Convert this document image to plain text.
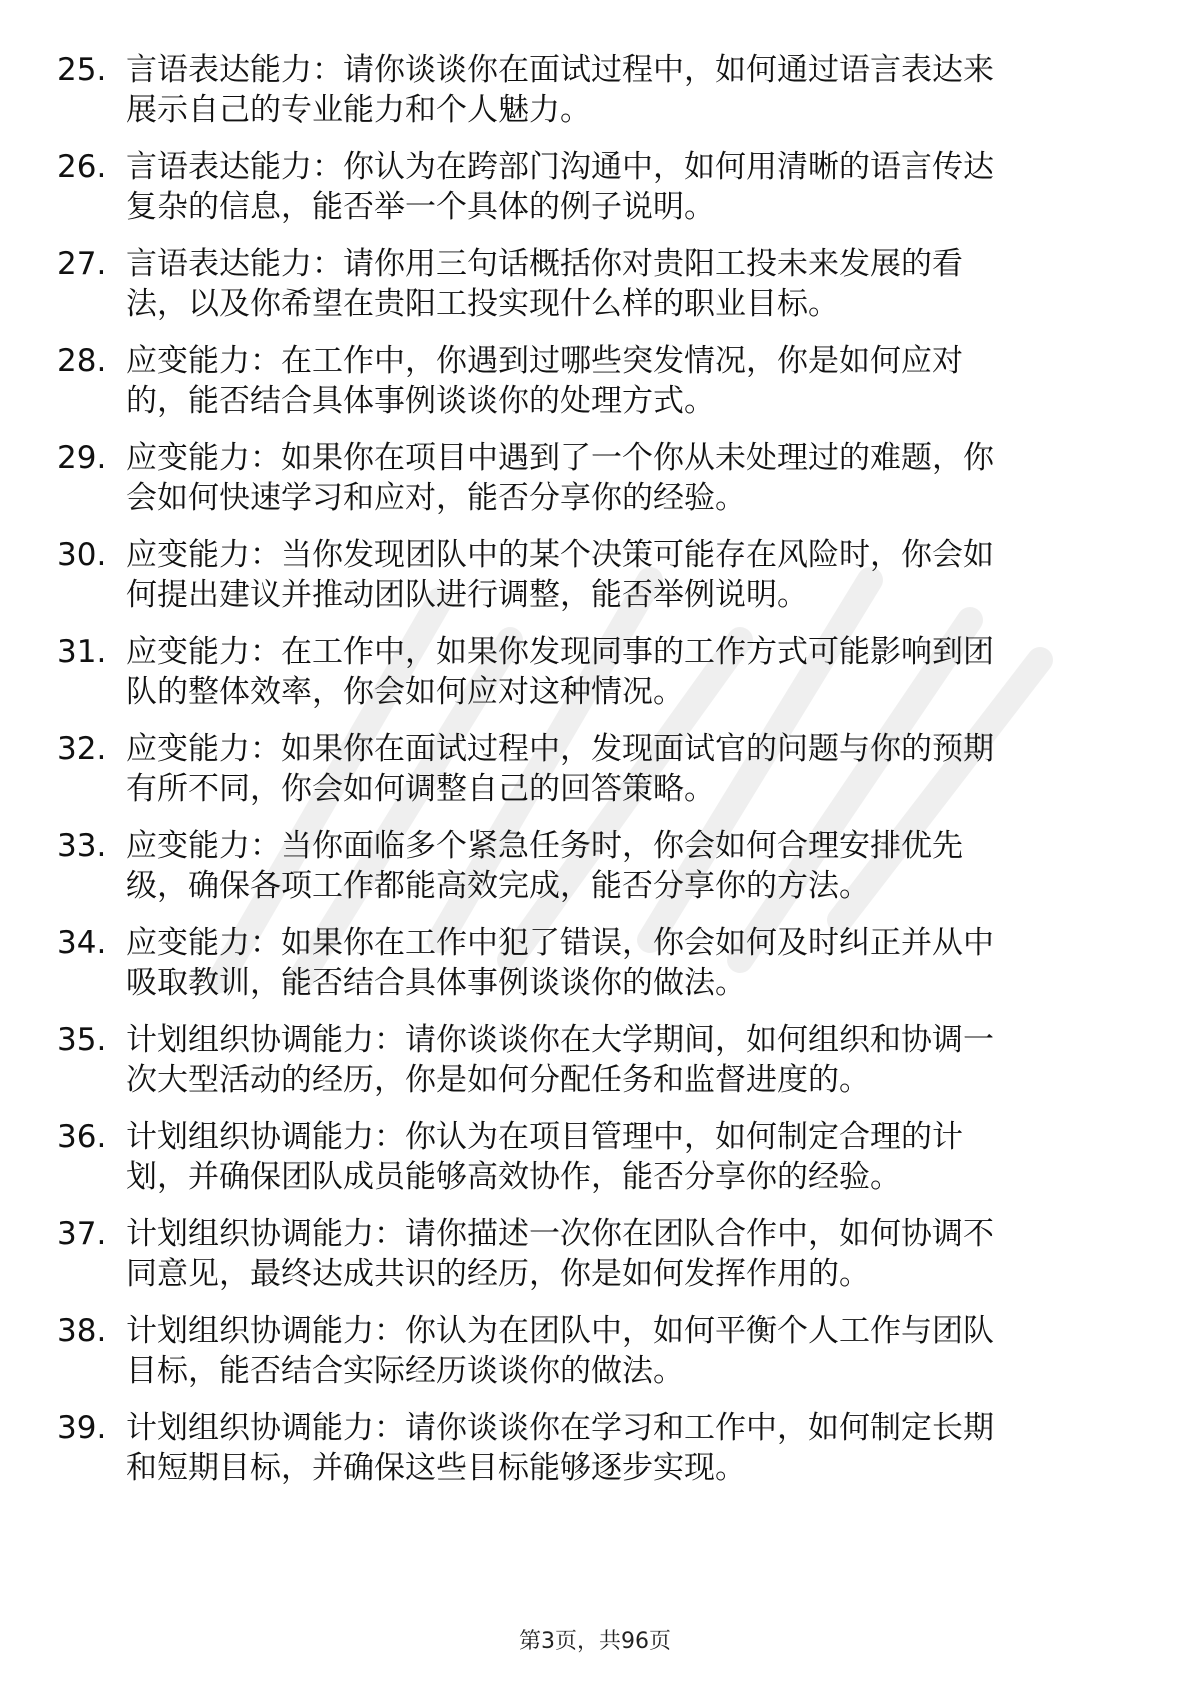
25. 言语表达能力：请你谈谈你在面试过程中，如何通过语言表达来
展示自己的专业能力和个人魅力。
26. 言语表达能力：你认为在跨部门沟通中，如何用清晰的语言传达
复杂的信息，能否举一个具体的例子说明。
27. 言语表达能力：请你用三句话概括你对贵阳工投未来发展的看
法，以及你希望在贵阳工投实现什么样的职业目标。
28. 应变能力：在工作中，你遇到过哪些突发情况，你是如何应对
的，能否结合具体事例谈谈你的处理方式。
29. 应变能力：如果你在项目中遇到了一个你从未处理过的难题，你
会如何快速学习和应对，能否分享你的经验。
30. 应变能力：当你发现团队中的某个决策可能存在风险时，你会如
何提出建议并推动团队进行调整，能否举例说明。
31. 应变能力：在工作中，如果你发现同事的工作方式可能影响到团
队的整体效率，你会如何应对这种情况。
32. 应变能力：如果你在面试过程中，发现面试官的问题与你的预期
有所不同，你会如何调整自己的回答策略。
33. 应变能力：当你面临多个紧急任务时，你会如何合理安排优先
级，确保各项工作都能高效完成，能否分享你的方法。
34. 应变能力：如果你在工作中犯了错误，你会如何及时纠正并从中
吸取教训，能否结合具体事例谈谈你的做法。
35. 计划组织协调能力：请你谈谈你在大学期间，如何组织和协调一
次大型活动的经历，你是如何分配任务和监督进度的。
36. 计划组织协调能力：你认为在项目管理中，如何制定合理的计
划，并确保团队成员能够高效协作，能否分享你的经验。
37. 计划组织协调能力：请你描述一次你在团队合作中，如何协调不
同意见，最终达成共识的经历，你是如何发挥作用的。
38. 计划组织协调能力：你认为在团队中，如何平衡个人工作与团队
目标，能否结合实际经历谈谈你的做法。
39. 计划组织协调能力：请你谈谈你在学习和工作中，如何制定长期
和短期目标，并确保这些目标能够逐步实现。
第3页，共96页
